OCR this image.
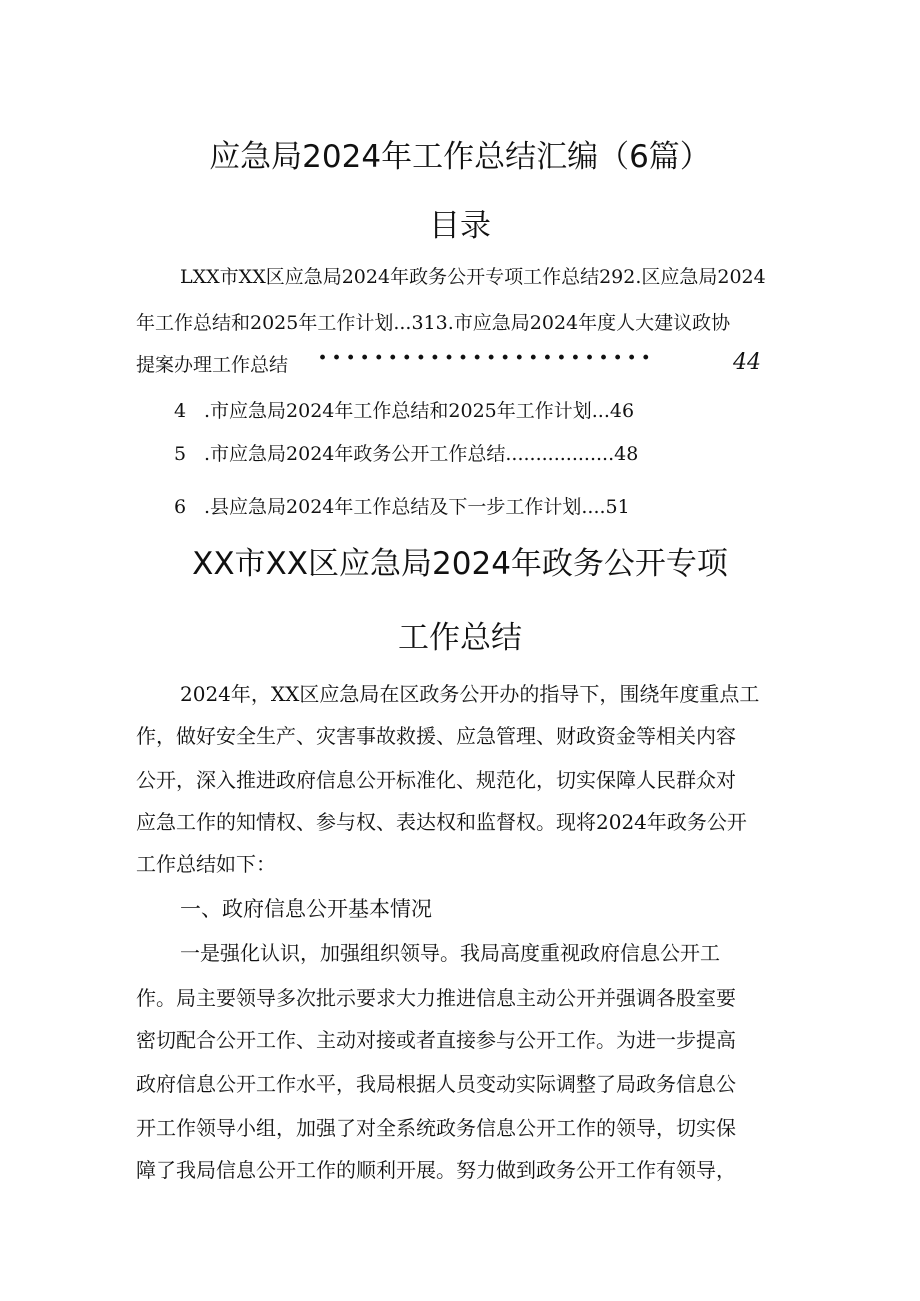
应急局2024年工作总结汇编（6篇）
目录
LXX市XX区应急局2024年政务公开专项工作总结292.区应急局2024
年工作总结和2025年工作计划...313.市应急局2024年度人大建议政协
提案办理工作总结 ........................	44
4 .市应急局2024年工作总结和2025年工作计划...46
5 .市应急局2024年政务公开工作总结..................48
6 .县应急局2024年工作总结及下一步工作计划....51
XX市XX区应急局2024年政务公开专项
工作总结
2024年，XX区应急局在区政务公开办的指导下，围绕年度重点工
作，做好安全生产、灾害事故救援、应急管理、财政资金等相关内容
公开，深入推进政府信息公开标准化、规范化，切实保障人民群众对
应急工作的知情权、参与权、表达权和监督权。现将2024年政务公开
工作总结如下：
一、政府信息公开基本情况
一是强化认识，加强组织领导。我局高度重视政府信息公开工
作。局主要领导多次批示要求大力推进信息主动公开并强调各股室要
密切配合公开工作、主动对接或者直接参与公开工作。为进一步提高
政府信息公开工作水平，我局根据人员变动实际调整了局政务信息公
开工作领导小组，加强了对全系统政务信息公开工作的领导，切实保
障了我局信息公开工作的顺利开展。努力做到政务公开工作有领导，
